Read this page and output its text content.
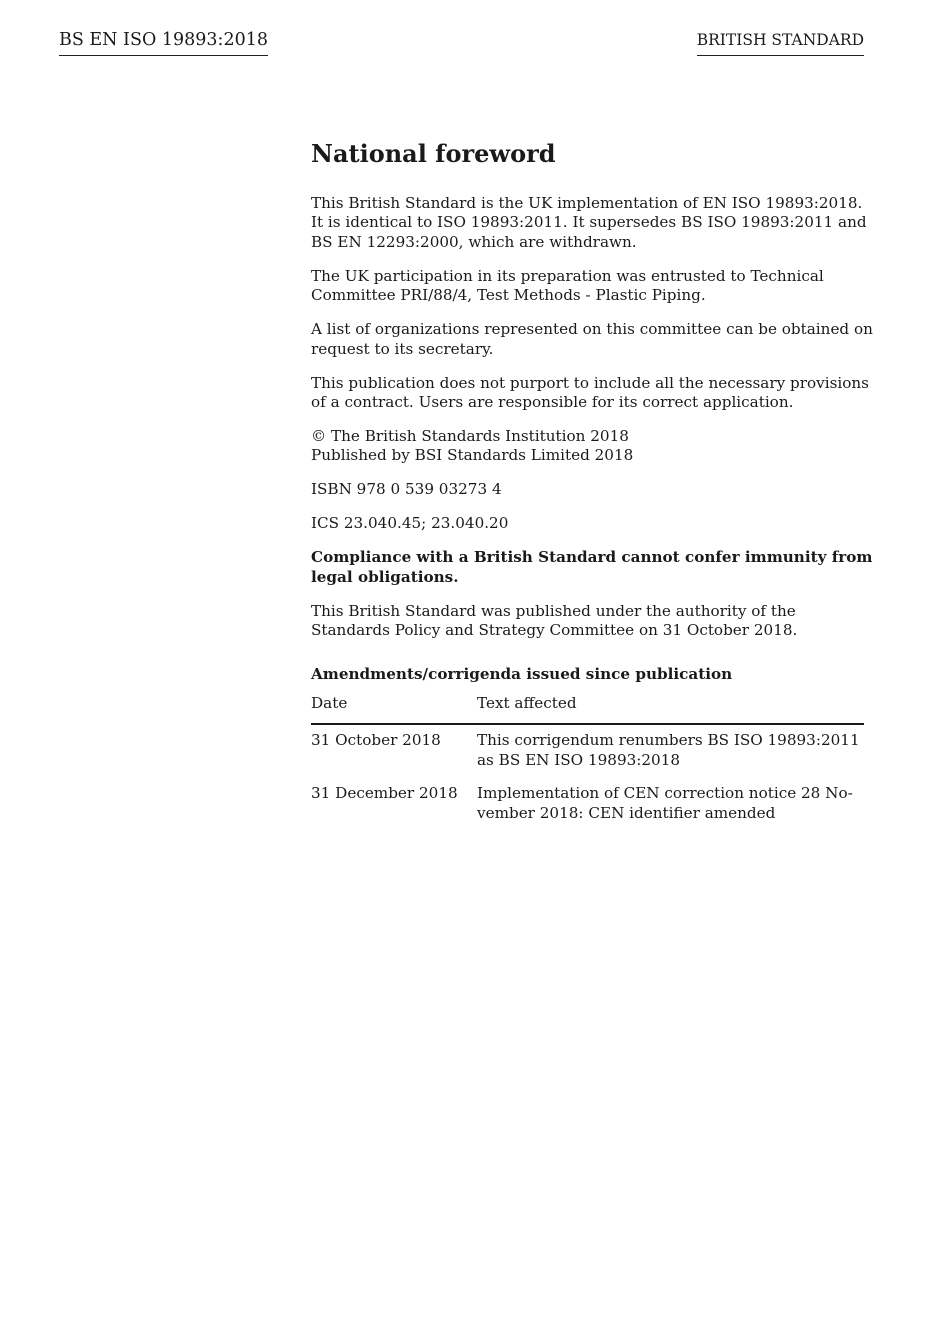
BS EN ISO 19893:2018	BRITISH STANDARD
National foreword

This British Standard is the UK implementation of EN ISO 19893:2018.
It is identical to ISO 19893:2011. It supersedes BS ISO 19893:2011 and
BS EN 12293:2000, which are withdrawn.

The UK participation in its preparation was entrusted to Technical
Committee PRI/88/4, Test Methods - Plastic Piping.

A list of organizations represented on this committee can be obtained on
request to its secretary.

This publication does not purport to include all the necessary provisions
of a contract. Users are responsible for its correct application.

© The British Standards Institution 2018
Published by BSI Standards Limited 2018

ISBN 978 0 539 03273 4

ICS 23.040.45; 23.040.20

Compliance with a British Standard cannot confer immunity from
legal obligations.

This British Standard was published under the authority of the
Standards Policy and Strategy Committee on 31 October 2018.

Amendments/corrigenda issued since publication
Date	Text affected
31 October 2018	This corrigendum renumbers BS ISO 19893:2011
as BS EN ISO 19893:2018

31 December 2018	Implementation of CEN correction notice 28 No-
vember 2018: CEN identifier amended
